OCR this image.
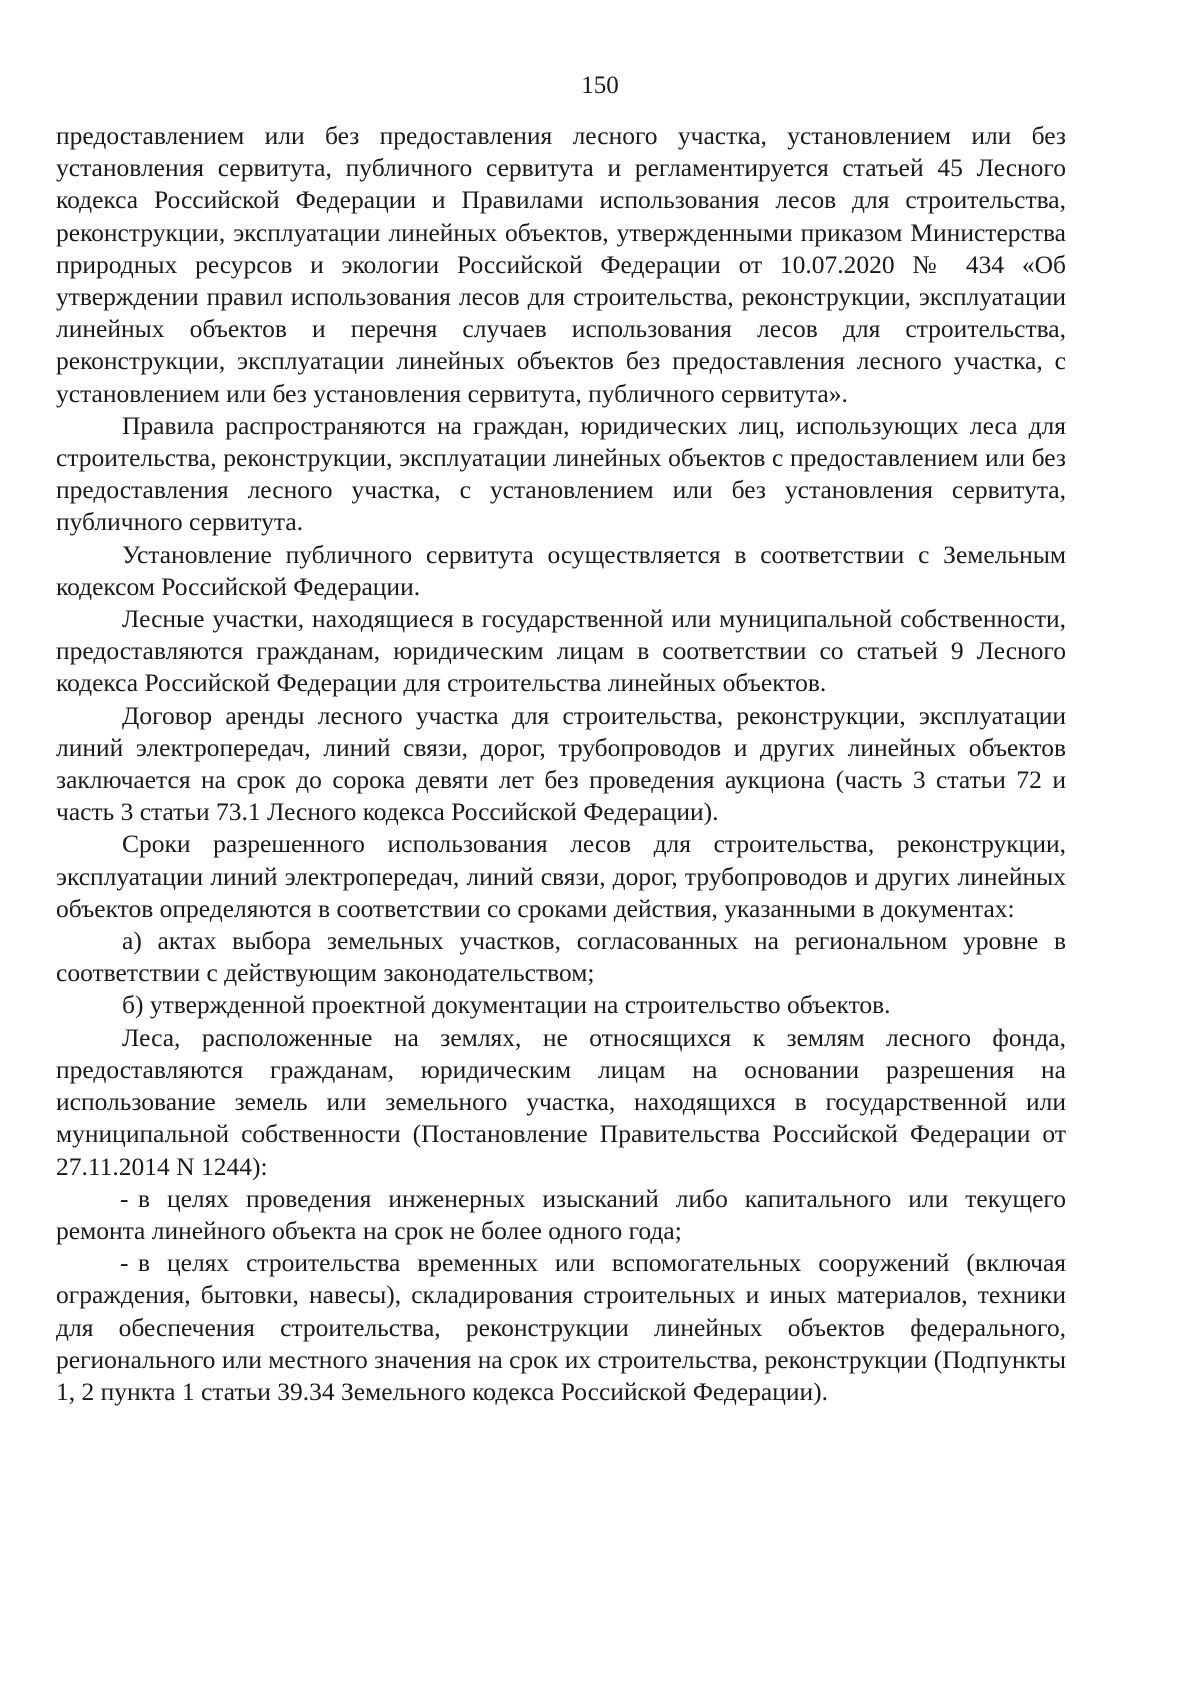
150

предоставлением или без предоставления лесного участка, установлением или без установления сервитута, публичного сервитута и регламентируется статьей 45 Лесного кодекса Российской Федерации и Правилами использования лесов для строительства, реконструкции, эксплуатации линейных объектов, утвержденными приказом Министерства природных ресурсов и экологии Российской Федерации от 10.07.2020 № 434 «Об утверждении правил использования лесов для строительства, реконструкции, эксплуатации линейных объектов и перечня случаев использования лесов для строительства, реконструкции, эксплуатации линейных объектов без предоставления лесного участка, с установлением или без установления сервитута, публичного сервитута».

Правила распространяются на граждан, юридических лиц, использующих леса для строительства, реконструкции, эксплуатации линейных объектов с предоставлением или без предоставления лесного участка, с установлением или без установления сервитута, публичного сервитута.

Установление публичного сервитута осуществляется в соответствии с Земельным кодексом Российской Федерации.

Лесные участки, находящиеся в государственной или муниципальной собственности, предоставляются гражданам, юридическим лицам в соответствии со статьей 9 Лесного кодекса Российской Федерации для строительства линейных объектов.

Договор аренды лесного участка для строительства, реконструкции, эксплуатации линий электропередач, линий связи, дорог, трубопроводов и других линейных объектов заключается на срок до сорока девяти лет без проведения аукциона (часть 3 статьи 72 и часть 3 статьи 73.1 Лесного кодекса Российской Федерации).

Сроки разрешенного использования лесов для строительства, реконструкции, эксплуатации линий электропередач, линий связи, дорог, трубопроводов и других линейных объектов определяются в соответствии со сроками действия, указанными в документах:

а) актах выбора земельных участков, согласованных на региональном уровне в соответствии с действующим законодательством;

б) утвержденной проектной документации на строительство объектов.

Леса, расположенные на землях, не относящихся к землям лесного фонда, предоставляются гражданам, юридическим лицам на основании разрешения на использование земель или земельного участка, находящихся в государственной или муниципальной собственности (Постановление Правительства Российской Федерации от 27.11.2014 N 1244):

- в целях проведения инженерных изысканий либо капитального или текущего ремонта линейного объекта на срок не более одного года;

- в целях строительства временных или вспомогательных сооружений (включая ограждения, бытовки, навесы), складирования строительных и иных материалов, техники для обеспечения строительства, реконструкции линейных объектов федерального, регионального или местного значения на срок их строительства, реконструкции (Подпункты 1, 2 пункта 1 статьи 39.34 Земельного кодекса Российской Федерации).
